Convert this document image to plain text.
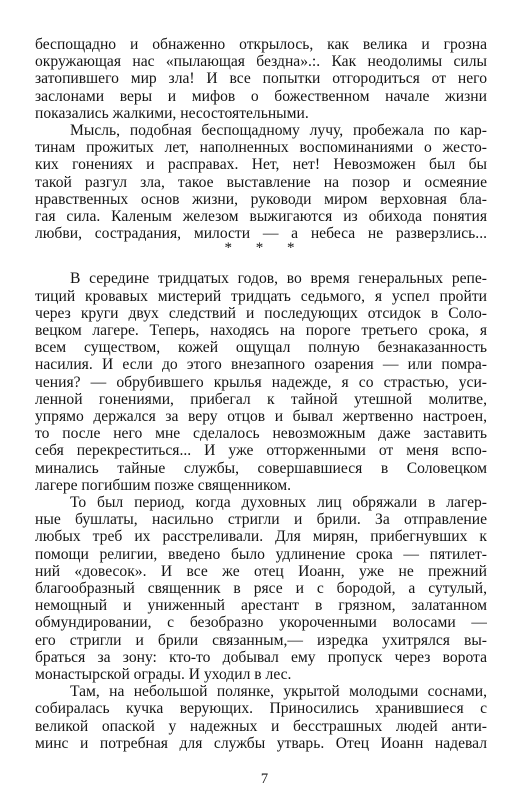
беспощадно и обнаженно открылось, как велика и грозна
окружающая нас «пылающая бездна».:. Как неодолимы силы
затопившего мир зла! И все попытки отгородиться от него
заслонами веры и мифов о божественном начале жизни
показались жалкими, несостоятельными.
Мысль, подобная беспощадному лучу, пробежала по кар-
тинам прожитых лет, наполненных воспоминаниями о жесто-
ких гонениях и расправах. Нет, нет! Невозможен был бы
такой разгул зла, такое выставление на позор и осмеяние
нравственных основ жизни, руководи миром верховная бла-
гая сила. Каленым железом выжигаются из обихода понятия
любви, сострадания, милости — а небеса не разверзлись...
* * *
В середине тридцатых годов, во время генеральных репе-
тиций кровавых мистерий тридцать седьмого, я успел пройти
через круги двух следствий и последующих отсидок в Соло-
вецком лагере. Теперь, находясь на пороге третьего срока, я
всем существом, кожей ощущал полную безнаказанность
насилия. И если до этого внезапного озарения — или помра-
чения? — обрубившего крылья надежде, я со страстью, уси-
ленной гонениями, прибегал к тайной утешной молитве,
упрямо держался за веру отцов и бывал жертвенно настроен,
то после него мне сделалось невозможным даже заставить
себя перекреститься... И уже отторженными от меня вспо-
минались тайные службы, совершавшиеся в Соловецком
лагере погибшим позже священником.
То был период, когда духовных лиц обряжали в лагер-
ные бушлаты, насильно стригли и брили. За отправление
любых треб их расстреливали. Для мирян, прибегнувших к
помощи религии, введено было удлинение срока — пятилет-
ний «довесок». И все же отец Иоанн, уже не прежний
благообразный священник в рясе и с бородой, а сутулый,
немощный и униженный арестант в грязном, залатанном
обмундировании, с безобразно укороченными волосами —
его стригли и брили связанным,— изредка ухитрялся вы-
браться за зону: кто-то добывал ему пропуск через ворота
монастырской ограды. И уходил в лес.
Там, на небольшой полянке, укрытой молодыми соснами,
собиралась кучка верующих. Приносились хранившиеся с
великой опаской у надежных и бесстрашных людей анти-
минс и потребная для службы утварь. Отец Иоанн надевал
7
